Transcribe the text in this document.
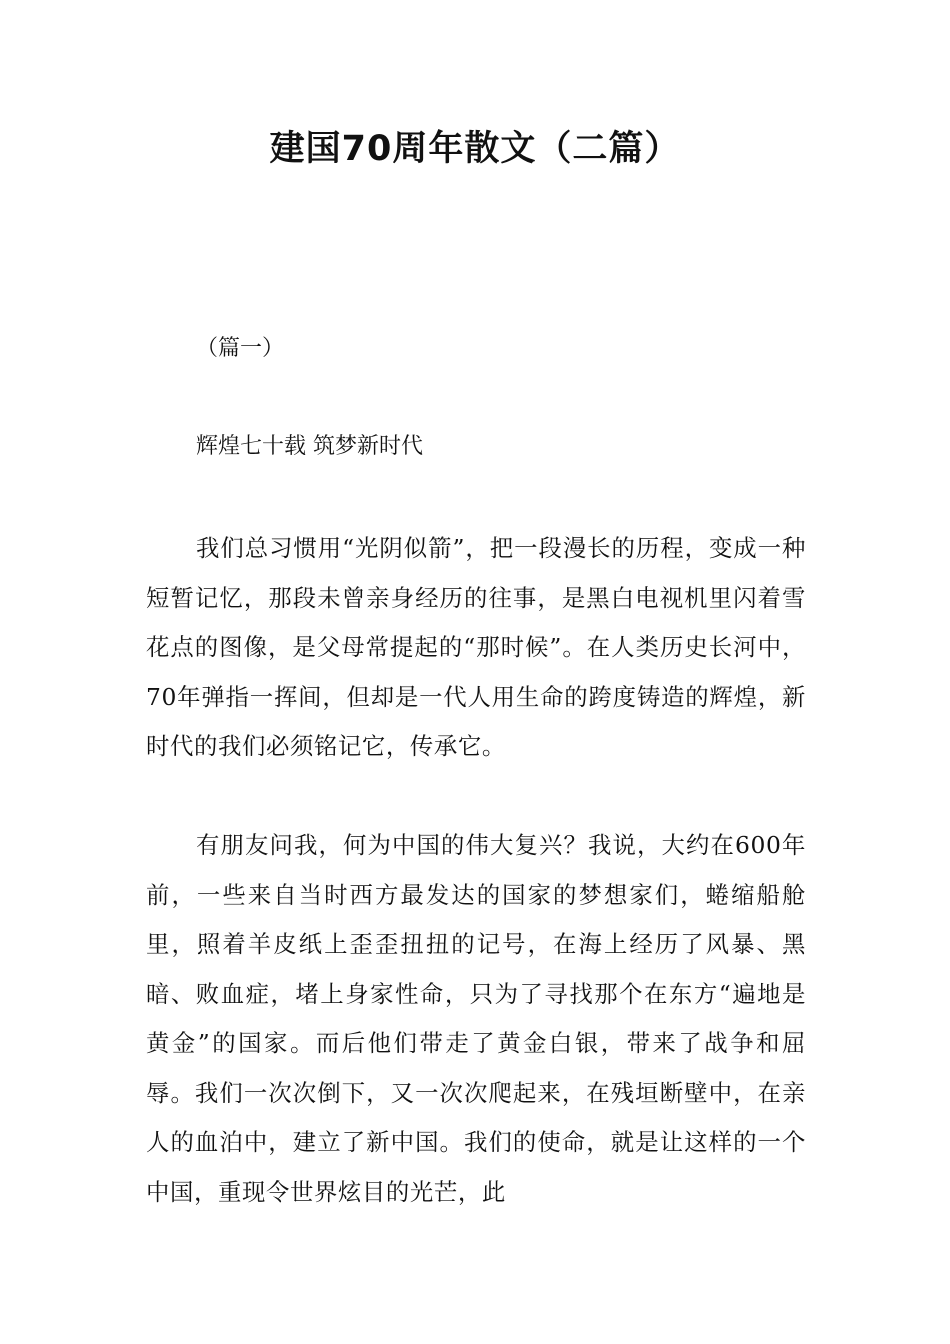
建国70周年散文（二篇）

（篇一）

辉煌七十载 筑梦新时代

我们总习惯用“光阴似箭”，把一段漫长的历程，变成一种短暂记忆，那段未曾亲身经历的往事，是黑白电视机里闪着雪花点的图像，是父母常提起的“那时候”。在人类历史长河中，70年弹指一挥间，但却是一代人用生命的跨度铸造的辉煌，新时代的我们必须铭记它，传承它。

有朋友问我，何为中国的伟大复兴？我说，大约在600年前，一些来自当时西方最发达的国家的梦想家们，蜷缩船舱里，照着羊皮纸上歪歪扭扭的记号，在海上经历了风暴、黑暗、败血症，堵上身家性命，只为了寻找那个在东方“遍地是黄金”的国家。而后他们带走了黄金白银，带来了战争和屈辱。我们一次次倒下，又一次次爬起来，在残垣断壁中，在亲人的血泊中，建立了新中国。我们的使命，就是让这样的一个中国，重现令世界炫目的光芒，此
